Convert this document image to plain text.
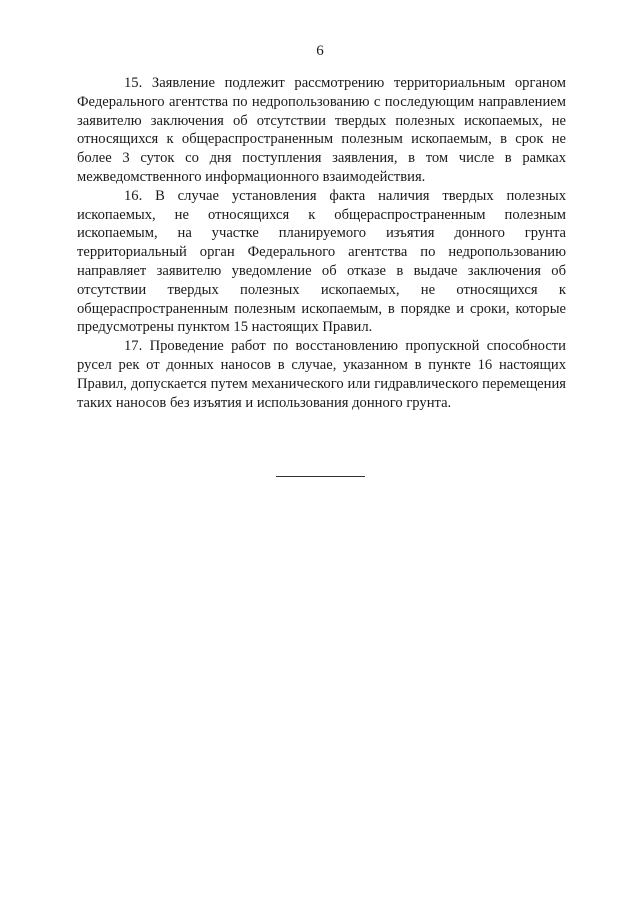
6

15. Заявление подлежит рассмотрению территориальным органом Федерального агентства по недропользованию с последующим направлением заявителю заключения об отсутствии твердых полезных ископаемых, не относящихся к общераспространенным полезным ископаемым, в срок не более 3 суток со дня поступления заявления, в том числе в рамках межведомственного информационного взаимодействия.

16. В случае установления факта наличия твердых полезных ископаемых, не относящихся к общераспространенным полезным ископаемым, на участке планируемого изъятия донного грунта территориальный орган Федерального агентства по недропользованию направляет заявителю уведомление об отказе в выдаче заключения об отсутствии твердых полезных ископаемых, не относящихся к общераспространенным полезным ископаемым, в порядке и сроки, которые предусмотрены пунктом 15 настоящих Правил.

17. Проведение работ по восстановлению пропускной способности русел рек от донных наносов в случае, указанном в пункте 16 настоящих Правил, допускается путем механического или гидравлического перемещения таких наносов без изъятия и использования донного грунта.
